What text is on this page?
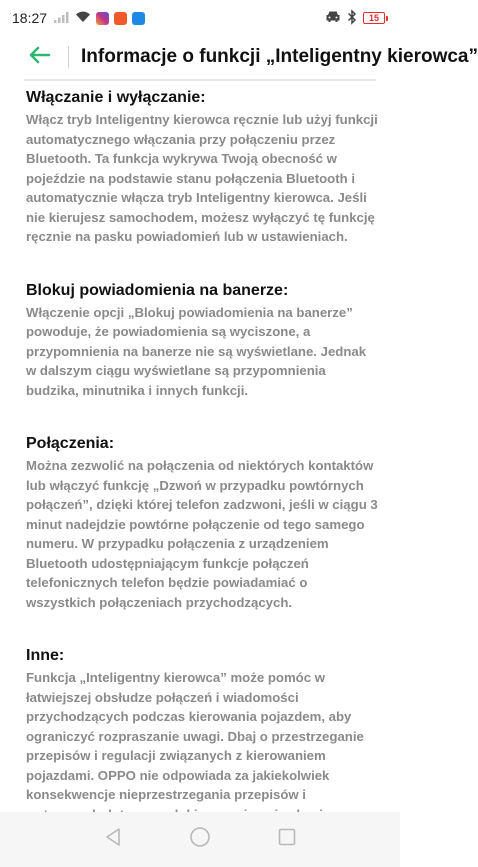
18:27	15
Informacje o funkcji „Inteligentny kierowca”
Włączanie i wyłączanie:
Włącz tryb Inteligentny kierowca ręcznie lub użyj funkcji automatycznego włączania przy połączeniu przez Bluetooth. Ta funkcja wykrywa Twoją obecność w pojeździe na podstawie stanu połączenia Bluetooth i automatycznie włącza tryb Inteligentny kierowca. Jeśli nie kierujesz samochodem, możesz wyłączyć tę funkcję ręcznie na pasku powiadomień lub w ustawieniach.
Blokuj powiadomienia na banerze:
Włączenie opcji „Blokuj powiadomienia na banerze” powoduje, że powiadomienia są wyciszone, a przypomnienia na banerze nie są wyświetlane. Jednak w dalszym ciągu wyświetlane są przypomnienia budzika, minutnika i innych funkcji.
Połączenia:
Można zezwolić na połączenia od niektórych kontaktów lub włączyć funkcję „Dzwoń w przypadku powtórnych połączeń”, dzięki której telefon zadzwoni, jeśli w ciągu 3 minut nadejdzie powtórne połączenie od tego samego numeru. W przypadku połączenia z urządzeniem Bluetooth udostępniającym funkcje połączeń telefonicznych telefon będzie powiadamiać o wszystkich połączeniach przychodzących.
Inne:
Funkcja „Inteligentny kierowca” może pomóc w łatwiejszej obsłudze połączeń i wiadomości przychodzących podczas kierowania pojazdem, aby ograniczyć rozpraszanie uwagi. Dbaj o przestrzeganie przepisów i regulacji związanych z kierowaniem pojazdami. OPPO nie odpowiada za jakiekolwiek konsekwencje nieprzestrzegania przepisów i
